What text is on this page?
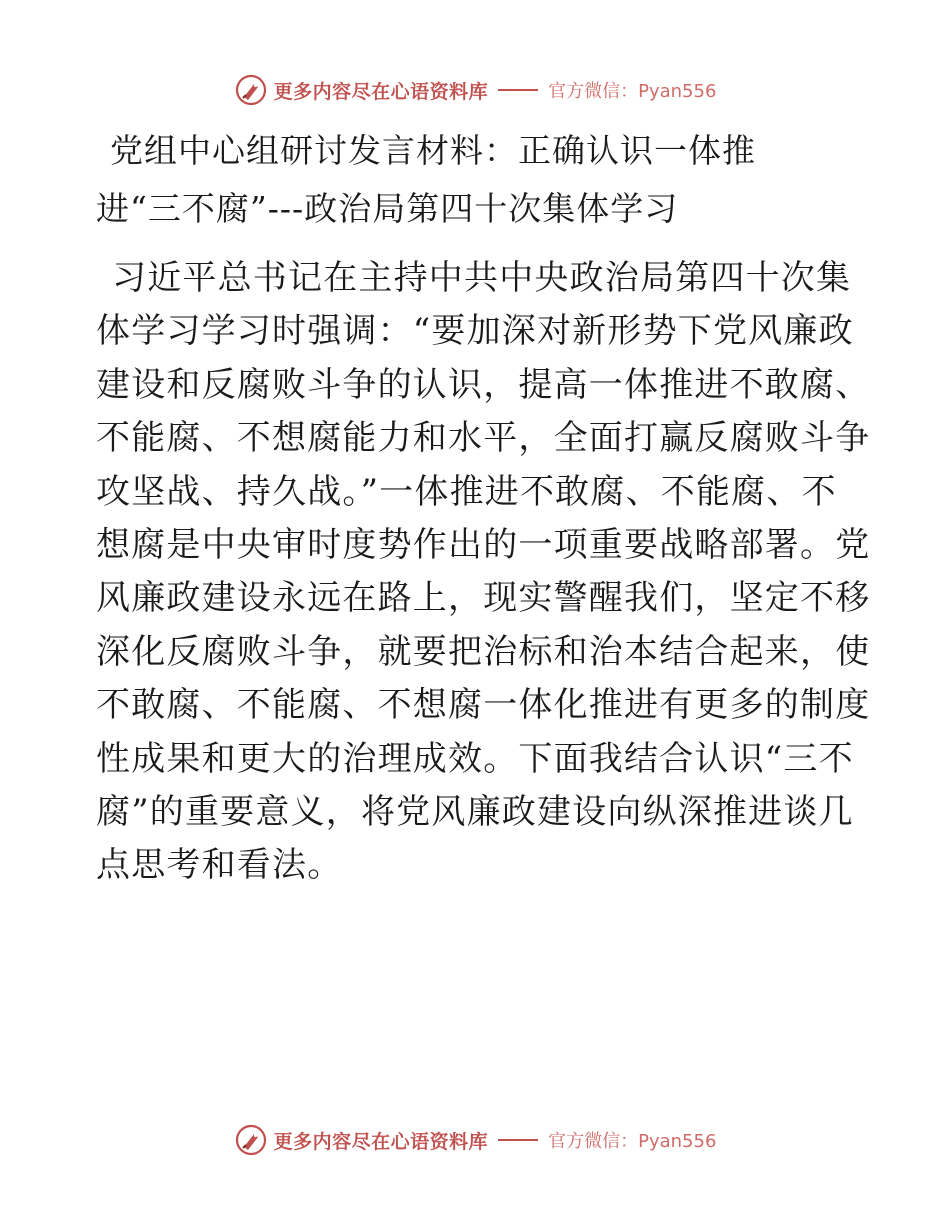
更多内容尽在心语资料库	官方微信：Pyan556
党组中心组研讨发言材料：正确认识一体推
进“三不腐”---政治局第四十次集体学习
习近平总书记在主持中共中央政治局第四十次集
体学习学习时强调：“要加深对新形势下党风廉政
建设和反腐败斗争的认识，提高一体推进不敢腐、
不能腐、不想腐能力和水平，全面打赢反腐败斗争
攻坚战、持久战。”一体推进不敢腐、不能腐、不
想腐是中央审时度势作出的一项重要战略部署。党
风廉政建设永远在路上，现实警醒我们，坚定不移
深化反腐败斗争，就要把治标和治本结合起来，使
不敢腐、不能腐、不想腐一体化推进有更多的制度
性成果和更大的治理成效。下面我结合认识“三不
腐”的重要意义，将党风廉政建设向纵深推进谈几
点思考和看法。
更多内容尽在心语资料库	官方微信：Pyan556
